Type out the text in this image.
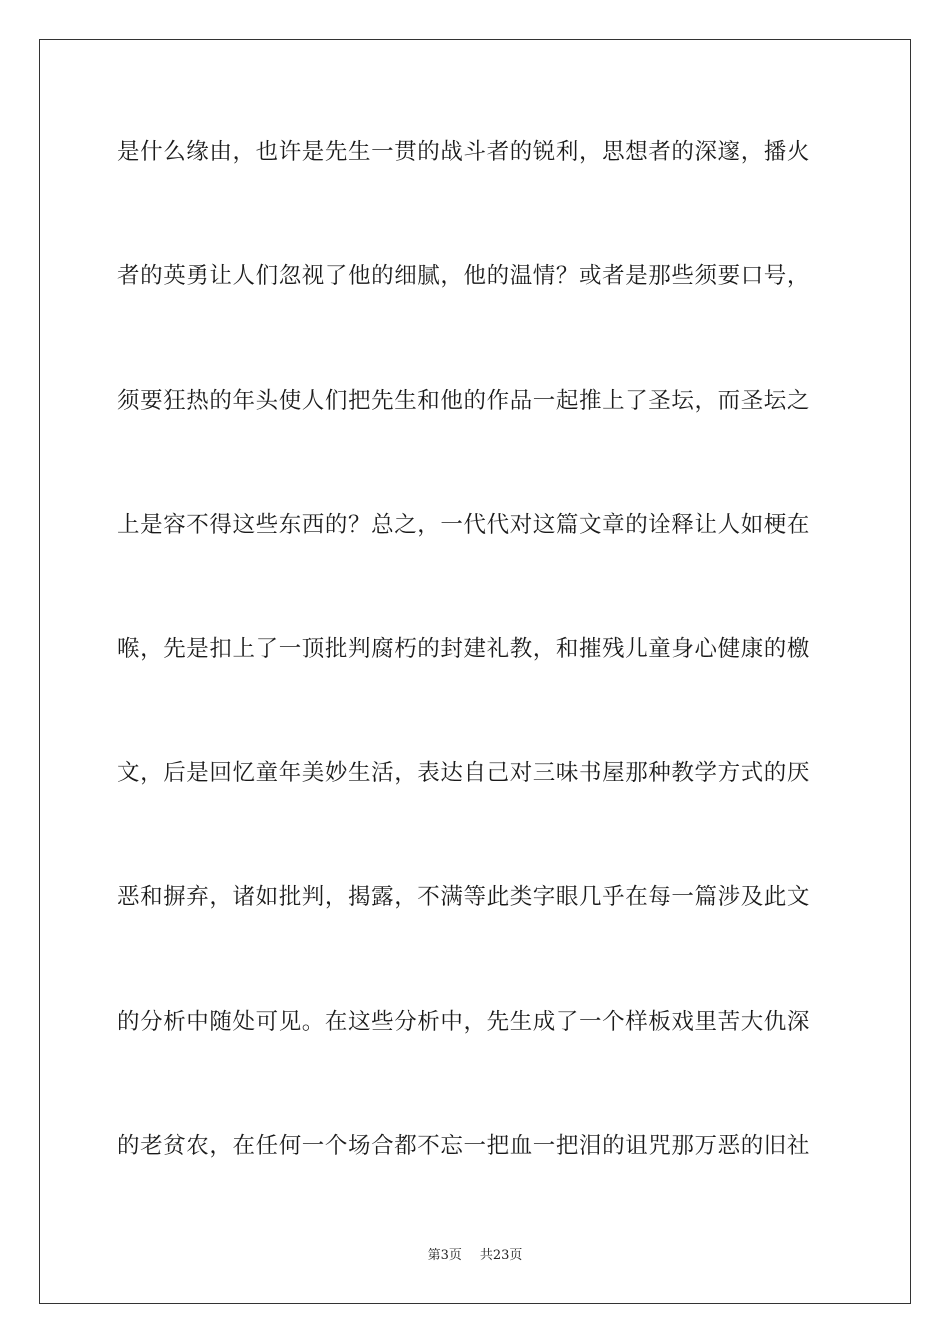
是什么缘由，也许是先生一贯的战斗者的锐利，思想者的深邃，播火
者的英勇让人们忽视了他的细腻，他的温情？或者是那些须要口号，
须要狂热的年头使人们把先生和他的作品一起推上了圣坛，而圣坛之
上是容不得这些东西的？总之，一代代对这篇文章的诠释让人如梗在
喉，先是扣上了一顶批判腐朽的封建礼教，和摧残儿童身心健康的檄
文，后是回忆童年美妙生活，表达自己对三味书屋那种教学方式的厌
恶和摒弃，诸如批判，揭露，不满等此类字眼几乎在每一篇涉及此文
的分析中随处可见。在这些分析中，先生成了一个样板戏里苦大仇深
的老贫农，在任何一个场合都不忘一把血一把泪的诅咒那万恶的旧社
第3页 共23页
